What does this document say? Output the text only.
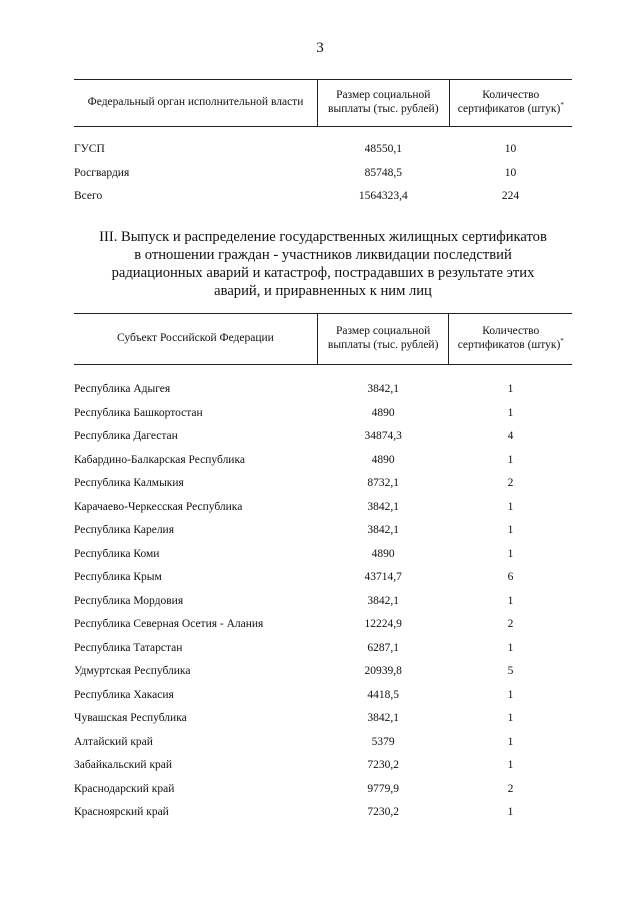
3
Федеральный орган исполнительной власти	Размер социальной выплаты (тыс. рублей)	Количество сертификатов (штук)*

ГУСП	48550,1	10
Росгвардия	85748,5	10
Всего	1564323,4	224
III. Выпуск и распределение государственных жилищных сертификатов
в отношении граждан - участников ликвидации последствий
радиационных аварий и катастроф, пострадавших в результате этих
аварий, и приравненных к ним лиц
Субъект Российской Федерации	Размер социальной выплаты (тыс. рублей)	Количество сертификатов (штук)*

Республика Адыгея	3842,1	1
Республика Башкортостан	4890	1
Республика Дагестан	34874,3	4
Кабардино-Балкарская Республика	4890	1
Республика Калмыкия	8732,1	2
Карачаево-Черкесская Республика	3842,1	1
Республика Карелия	3842,1	1
Республика Коми	4890	1
Республика Крым	43714,7	6
Республика Мордовия	3842,1	1
Республика Северная Осетия - Алания	12224,9	2
Республика Татарстан	6287,1	1
Удмуртская Республика	20939,8	5
Республика Хакасия	4418,5	1
Чувашская Республика	3842,1	1
Алтайский край	5379	1
Забайкальский край	7230,2	1
Краснодарский край	9779,9	2
Красноярский край	7230,2	1
